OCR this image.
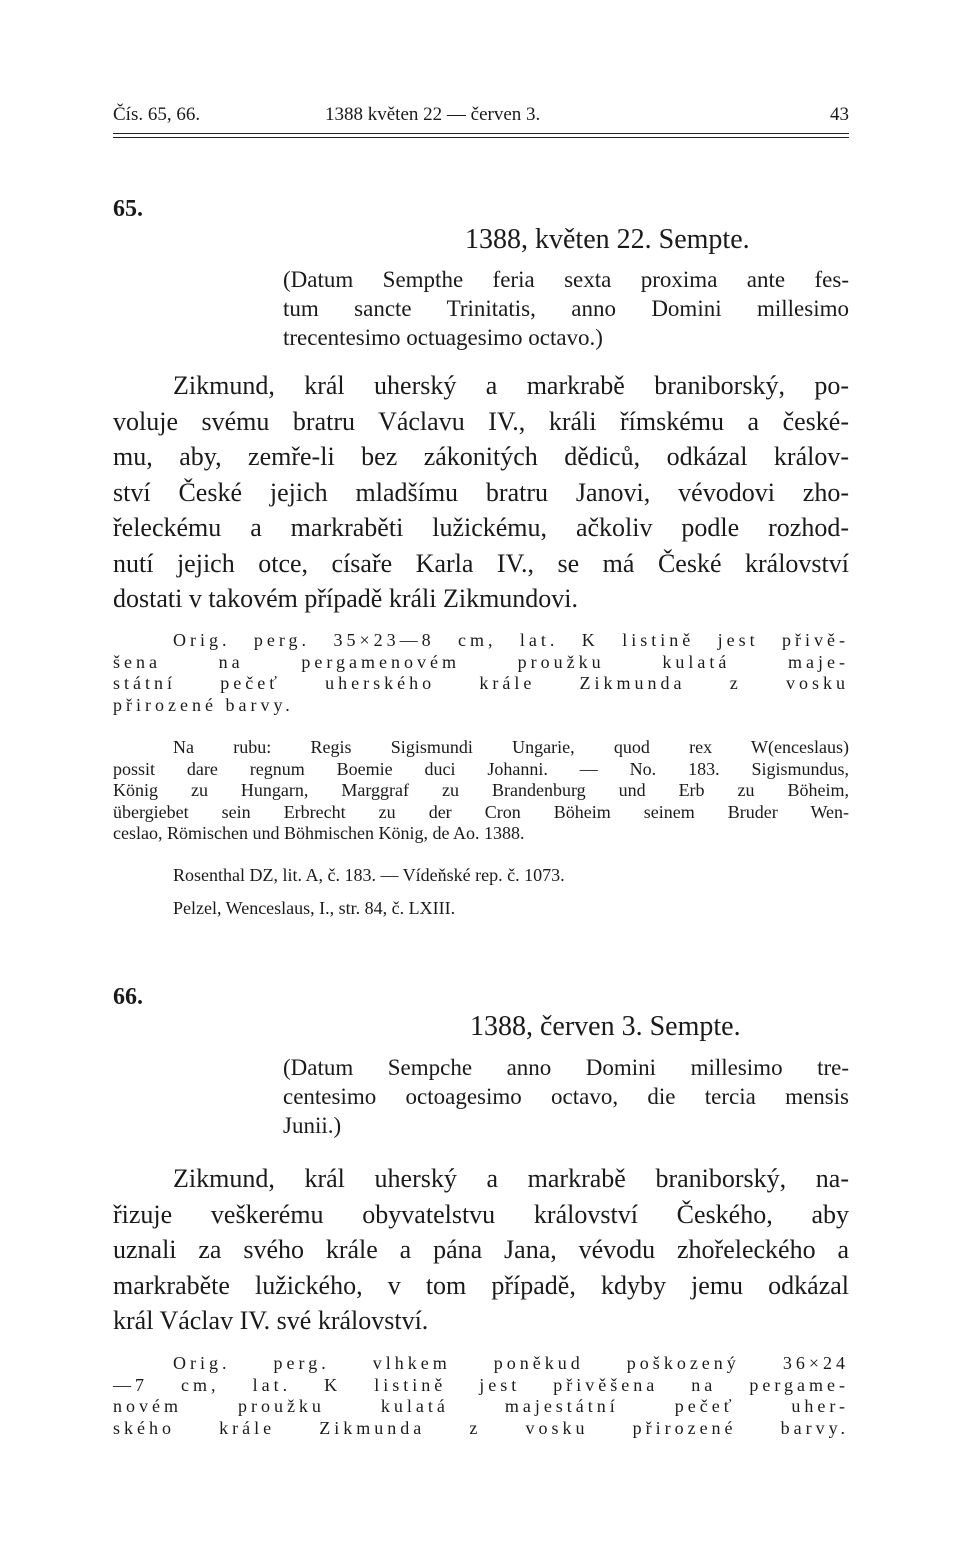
Čís. 65, 66.	1388 květen 22 — červen 3.	43
65.
1388, květen 22. Sempte.
(Datum Sempthe feria sexta proxima ante fes-
tum sancte Trinitatis, anno Domini millesimo
trecentesimo octuagesimo octavo.)
Zikmund, král uherský a markrabě braniborský, po-
voluje svému bratru Václavu IV., králi římskému a české-
mu, aby, zemře-li bez zákonitých dědiců, odkázal králov-
ství České jejich mladšímu bratru Janovi, vévodovi zho-
řeleckému a markraběti lužickému, ačkoliv podle rozhod-
nutí jejich otce, císaře Karla IV., se má České království
dostati v takovém případě králi Zikmundovi.
Orig. perg. 35×23—8 cm, lat. K listině jest přivě-
šena na pergamenovém proužku kulatá maje-
státní pečeť uherského krále Zikmunda z vosku
přirozené barvy.
Na rubu: Regis Sigismundi Ungarie, quod rex W(enceslaus)
possit dare regnum Boemie duci Johanni. — No. 183. Sigismundus,
König zu Hungarn, Marggraf zu Brandenburg und Erb zu Böheim,
übergiebet sein Erbrecht zu der Cron Böheim seinem Bruder Wen-
ceslao, Römischen und Böhmischen König, de Ao. 1388.
Rosenthal DZ, lit. A, č. 183. — Vídeňské rep. č. 1073.
Pelzel, Wenceslaus, I., str. 84, č. LXIII.
66.
1388, červen 3. Sempte.
(Datum Sempche anno Domini millesimo tre-
centesimo octoagesimo octavo, die tercia mensis
Junii.)
Zikmund, král uherský a markrabě braniborský, na-
řizuje veškerému obyvatelstvu království Českého, aby
uznali za svého krále a pána Jana, vévodu zhořeleckého a
markraběte lužického, v tom případě, kdyby jemu odkázal
král Václav IV. své království.
Orig. perg. vlhkem poněkud poškozený 36×24
—7 cm, lat. K listině jest přivěšena na pergame-
novém proužku kulatá majestátní pečeť uher-
ského krále Zikmunda z vosku přirozené barvy.
